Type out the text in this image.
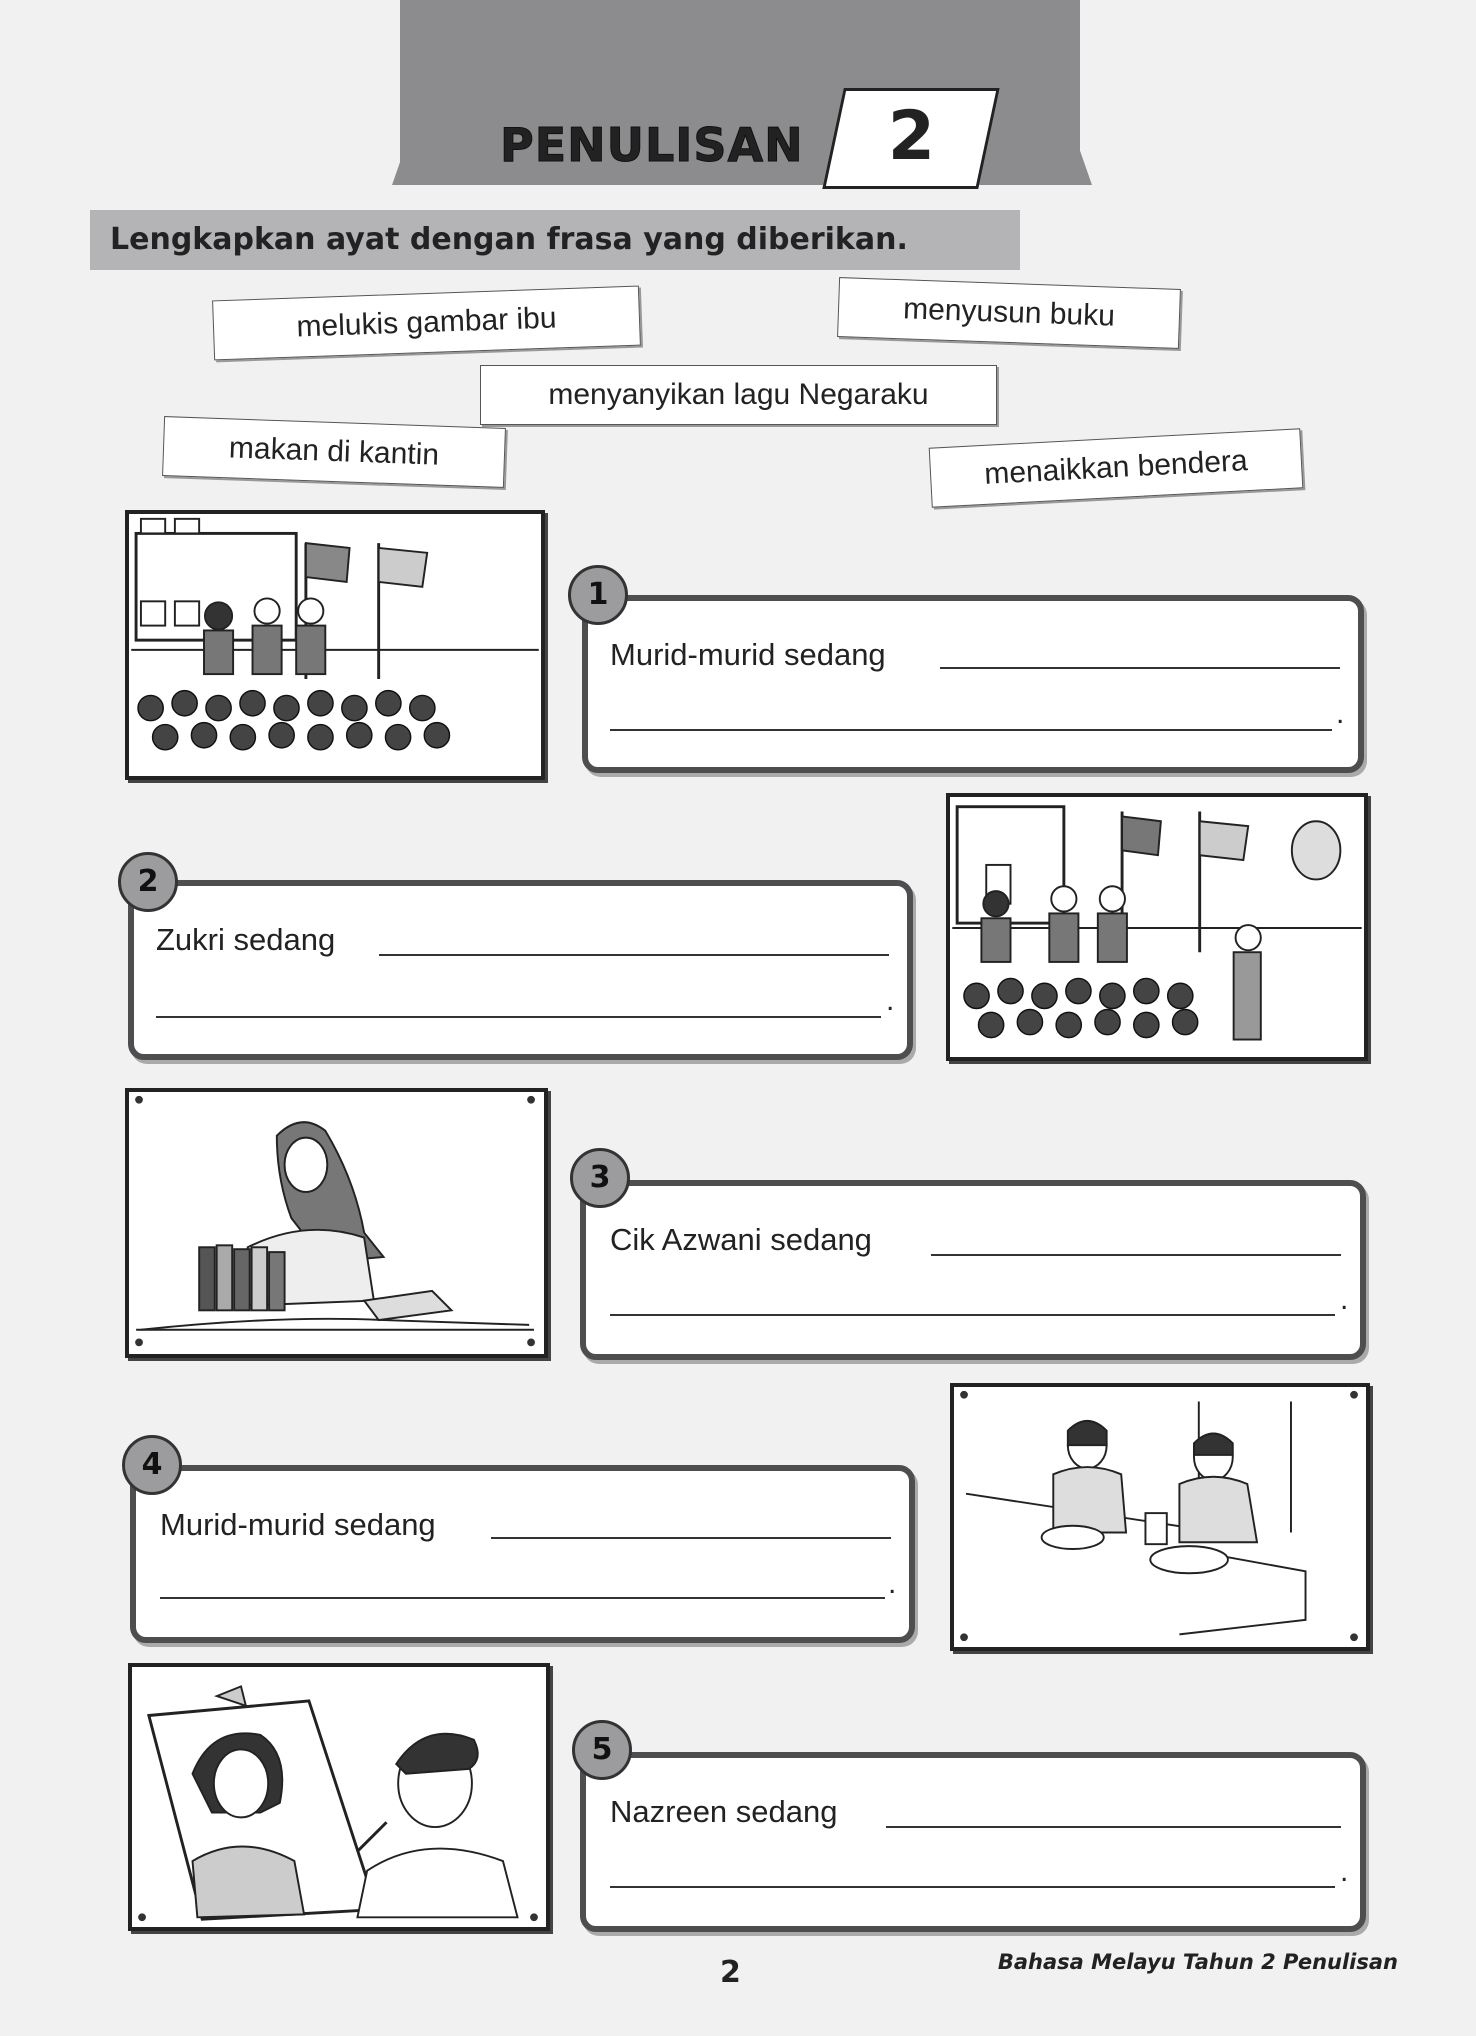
PENULISAN	2
Lengkapkan ayat dengan frasa yang diberikan.
melukis gambar ibu	menyusun buku
menyanyikan lagu Negaraku
makan di kantin	menaikkan bendera
Murid-murid sedang
.
1
Zukri sedang
.
2
Cik Azwani sedang
.
3
Murid-murid sedang
.
4
Nazreen sedang
.
5
2	Bahasa Melayu Tahun 2 Penulisan
